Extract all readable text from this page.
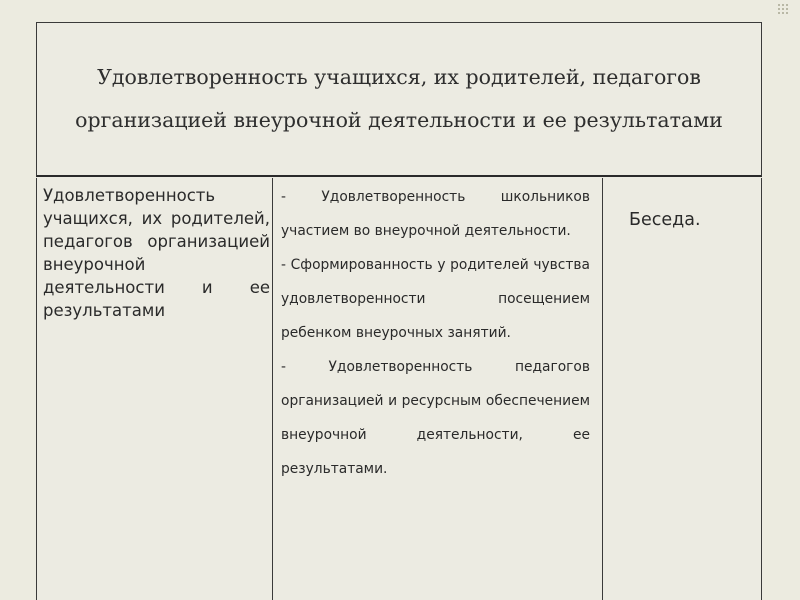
Удовлетворенность учащихся, их родителей, педагогов организацией внеурочной деятельности и ее результатами
Удовлетворенность учащихся, их родителей, педагогов организацией внеурочной деятельности и ее результатами

- Удовлетворенность школьников участием во внеурочной деятельности.

- Сформированность у родителей чувства удовлетворенности посещением ребенком внеурочных занятий.

- Удовлетворенность педагогов организацией и ресурсным обеспечением внеурочной деятельности, ее результатами.

Беседа.
